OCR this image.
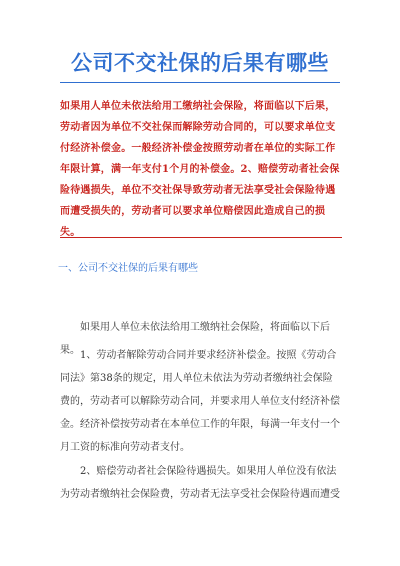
公司不交社保的后果有哪些
如果用人单位未依法给用工缴纳社会保险，将面临以下后果，劳动者因为单位不交社保而解除劳动合同的，可以要求单位支付经济补偿金。一般经济补偿金按照劳动者在单位的实际工作年限计算，满一年支付1个月的补偿金。2、赔偿劳动者社会保险待遇损失，单位不交社保导致劳动者无法享受社会保险待遇而遭受损失的，劳动者可以要求单位赔偿因此造成自己的损失。
一、公司不交社保的后果有哪些
如果用人单位未依法给用工缴纳社会保险，将面临以下后果。 1、劳动者解除劳动合同并要求经济补偿金。按照《劳动合同法》第38条的规定，用人单位未依法为劳动者缴纳社会保险费的，劳动者可以解除劳动合同，并要求用人单位支付经济补偿金。经济补偿按劳动者在本单位工作的年限，每满一年支付一个月工资的标准向劳动者支付。
2、赔偿劳动者社会保险待遇损失。如果用人单位没有依法为劳动者缴纳社会保险费，劳动者无法享受社会保险待遇而遭受
